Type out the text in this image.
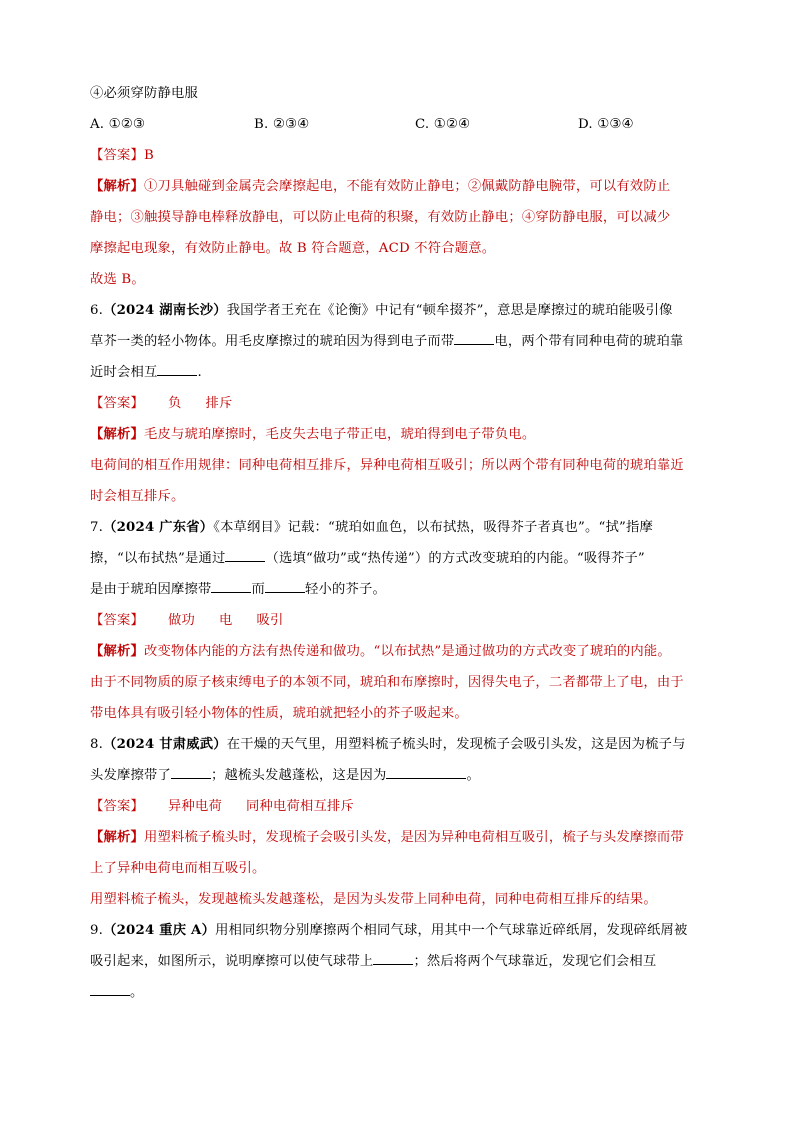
④必须穿防静电服
A. ①②③	B. ②③④	C. ①②④	D. ①③④
【答案】B
【解析】①刀具触碰到金属壳会摩擦起电，不能有效防止静电；②佩戴防静电腕带，可以有效防止
静电；③触摸导静电棒释放静电，可以防止电荷的积聚，有效防止静电；④穿防静电服，可以减少
摩擦起电现象，有效防止静电。故 B 符合题意，ACD 不符合题意。
故选 B。
6.（2024 湖南长沙）我国学者王充在《论衡》中记有“顿牟掇芥”，意思是摩擦过的琥珀能吸引像
草芥一类的轻小物体。用毛皮摩擦过的琥珀因为得到电子而带	电，两个带有同种电荷的琥珀靠
近时会相互	.
【答案】 负 排斥
【解析】毛皮与琥珀摩擦时，毛皮失去电子带正电，琥珀得到电子带负电。
电荷间的相互作用规律：同种电荷相互排斥，异种电荷相互吸引；所以两个带有同种电荷的琥珀靠近
时会相互排斥。
7.（2024 广东省）《本草纲目》记载：“琥珀如血色，以布拭热，吸得芥子者真也”。“拭”指摩
擦，“以布拭热”是通过	（选填“做功”或“热传递”）的方式改变琥珀的内能。“吸得芥子”
是由于琥珀因摩擦带	而	轻小的芥子。
【答案】 做功 电 吸引
【解析】改变物体内能的方法有热传递和做功。“以布拭热”是通过做功的方式改变了琥珀的内能。
由于不同物质的原子核束缚电子的本领不同，琥珀和布摩擦时，因得失电子，二者都带上了电，由于
带电体具有吸引轻小物体的性质，琥珀就把轻小的芥子吸起来。
8.（2024 甘肃威武）在干燥的天气里，用塑料梳子梳头时，发现梳子会吸引头发，这是因为梳子与
头发摩擦带了	；越梳头发越蓬松，这是因为	。
【答案】 异种电荷 同种电荷相互排斥
【解析】用塑料梳子梳头时，发现梳子会吸引头发，是因为异种电荷相互吸引，梳子与头发摩擦而带
上了异种电荷电而相互吸引。
用塑料梳子梳头，发现越梳头发越蓬松，是因为头发带上同种电荷，同种电荷相互排斥的结果。
9.（2024 重庆 A）用相同织物分别摩擦两个相同气球，用其中一个气球靠近碎纸屑，发现碎纸屑被
吸引起来，如图所示，说明摩擦可以使气球带上	；然后将两个气球靠近，发现它们会相互
。
